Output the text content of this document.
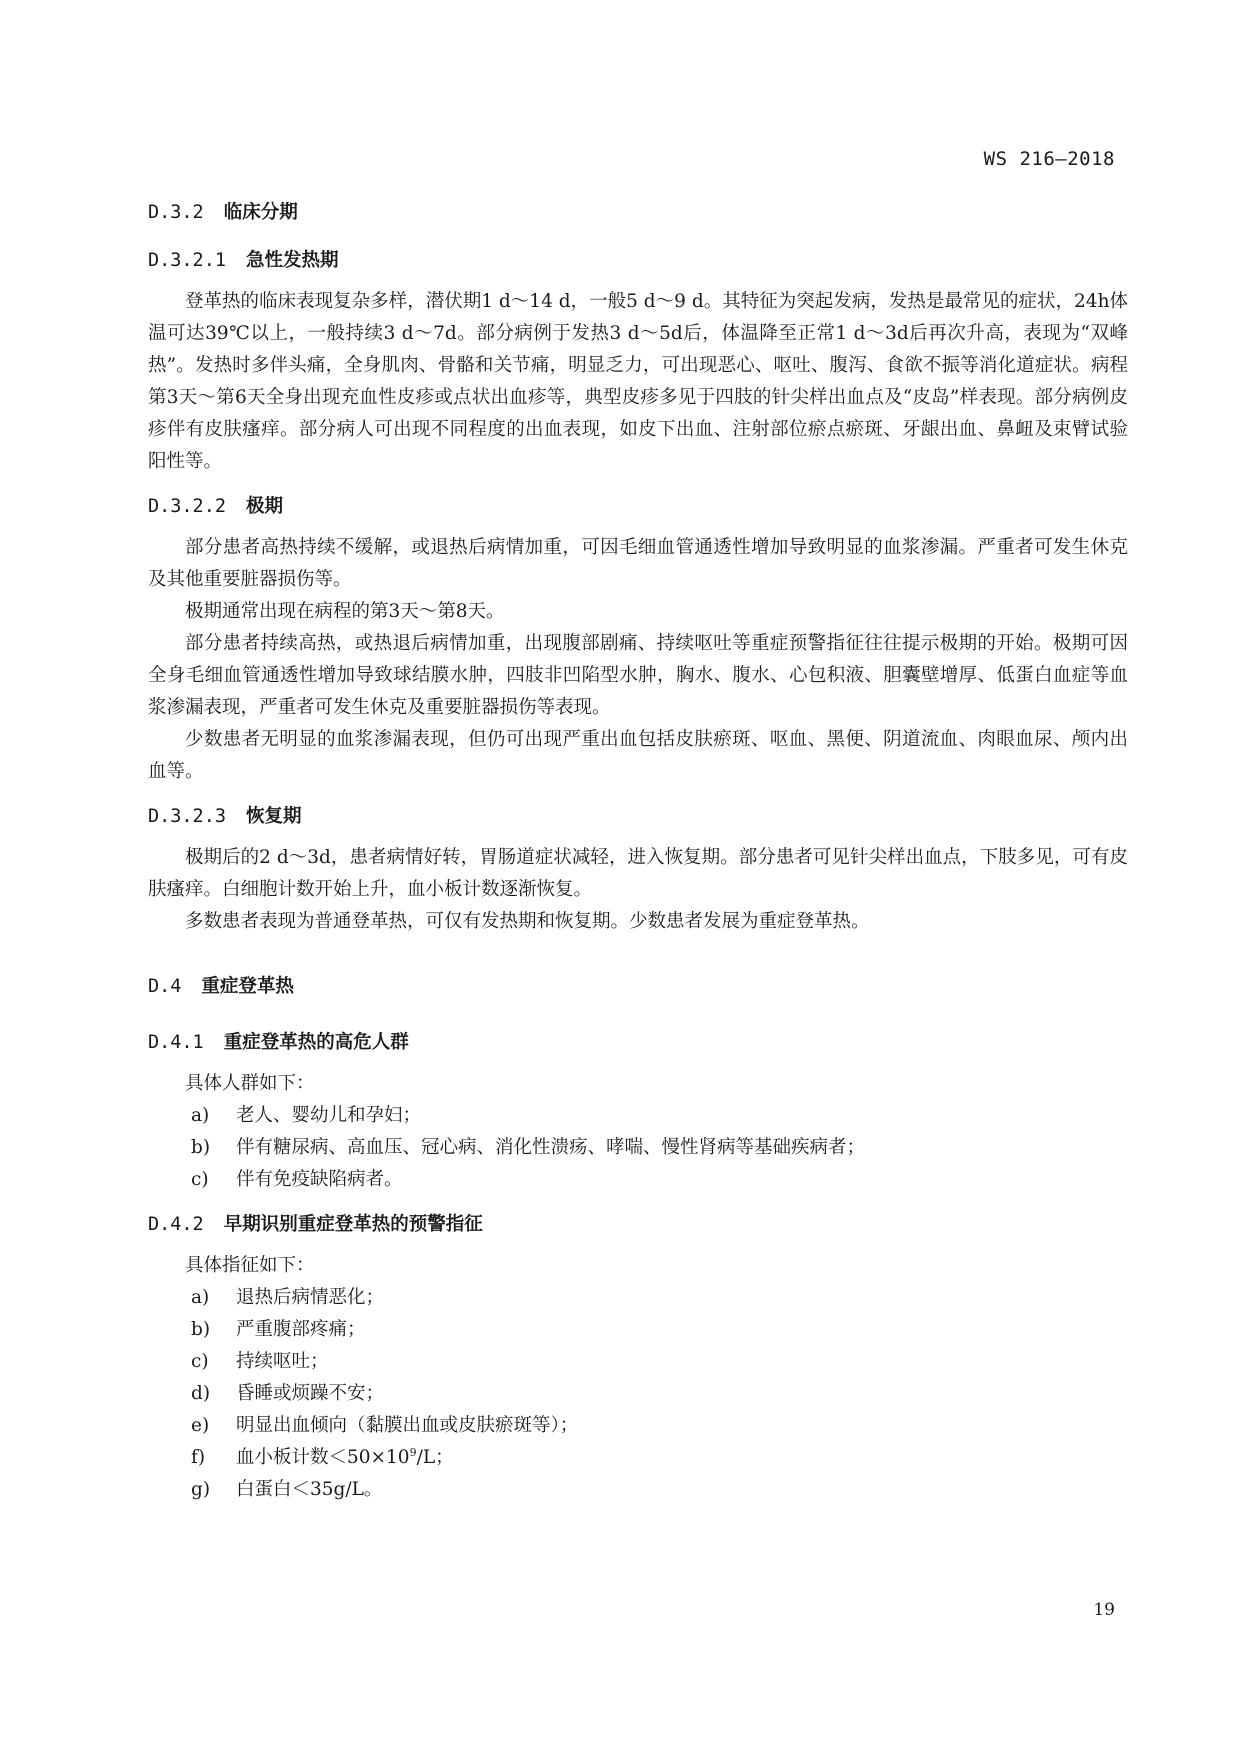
WS 216—2018
D.3.2 临床分期
D.3.2.1 急性发热期

登革热的临床表现复杂多样，潜伏期1 d～14 d，一般5 d～9 d。其特征为突起发病，发热是最常见的症状，24h体温可达39℃以上，一般持续3 d～7d。部分病例于发热3 d～5d后，体温降至正常1 d～3d后再次升高，表现为“双峰热”。发热时多伴头痛，全身肌肉、骨骼和关节痛，明显乏力，可出现恶心、呕吐、腹泻、食欲不振等消化道症状。病程第3天～第6天全身出现充血性皮疹或点状出血疹等，典型皮疹多见于四肢的针尖样出血点及“皮岛”样表现。部分病例皮疹伴有皮肤瘙痒。部分病人可出现不同程度的出血表现，如皮下出血、注射部位瘀点瘀斑、牙龈出血、鼻衄及束臂试验阳性等。

D.3.2.2 极期

部分患者高热持续不缓解，或退热后病情加重，可因毛细血管通透性增加导致明显的血浆渗漏。严重者可发生休克及其他重要脏器损伤等。

极期通常出现在病程的第3天～第8天。

部分患者持续高热，或热退后病情加重，出现腹部剧痛、持续呕吐等重症预警指征往往提示极期的开始。极期可因全身毛细血管通透性增加导致球结膜水肿，四肢非凹陷型水肿，胸水、腹水、心包积液、胆囊壁增厚、低蛋白血症等血浆渗漏表现，严重者可发生休克及重要脏器损伤等表现。

少数患者无明显的血浆渗漏表现，但仍可出现严重出血包括皮肤瘀斑、呕血、黑便、阴道流血、肉眼血尿、颅内出血等。

D.3.2.3 恢复期

极期后的2 d～3d，患者病情好转，胃肠道症状减轻，进入恢复期。部分患者可见针尖样出血点，下肢多见，可有皮肤瘙痒。白细胞计数开始上升，血小板计数逐渐恢复。

多数患者表现为普通登革热，可仅有发热期和恢复期。少数患者发展为重症登革热。

D.4 重症登革热
D.4.1 重症登革热的高危人群

具体人群如下：

a)	老人、婴幼儿和孕妇；
b)	伴有糖尿病、高血压、冠心病、消化性溃疡、哮喘、慢性肾病等基础疾病者；
c)	伴有免疫缺陷病者。
D.4.2 早期识别重症登革热的预警指征

具体指征如下：

a)	退热后病情恶化；
b)	严重腹部疼痛；
c)	持续呕吐；
d)	昏睡或烦躁不安；
e)	明显出血倾向（黏膜出血或皮肤瘀斑等）；
f)	血小板计数$<50\times 10^9/L$；
g)	白蛋白＜35g/L。
19
